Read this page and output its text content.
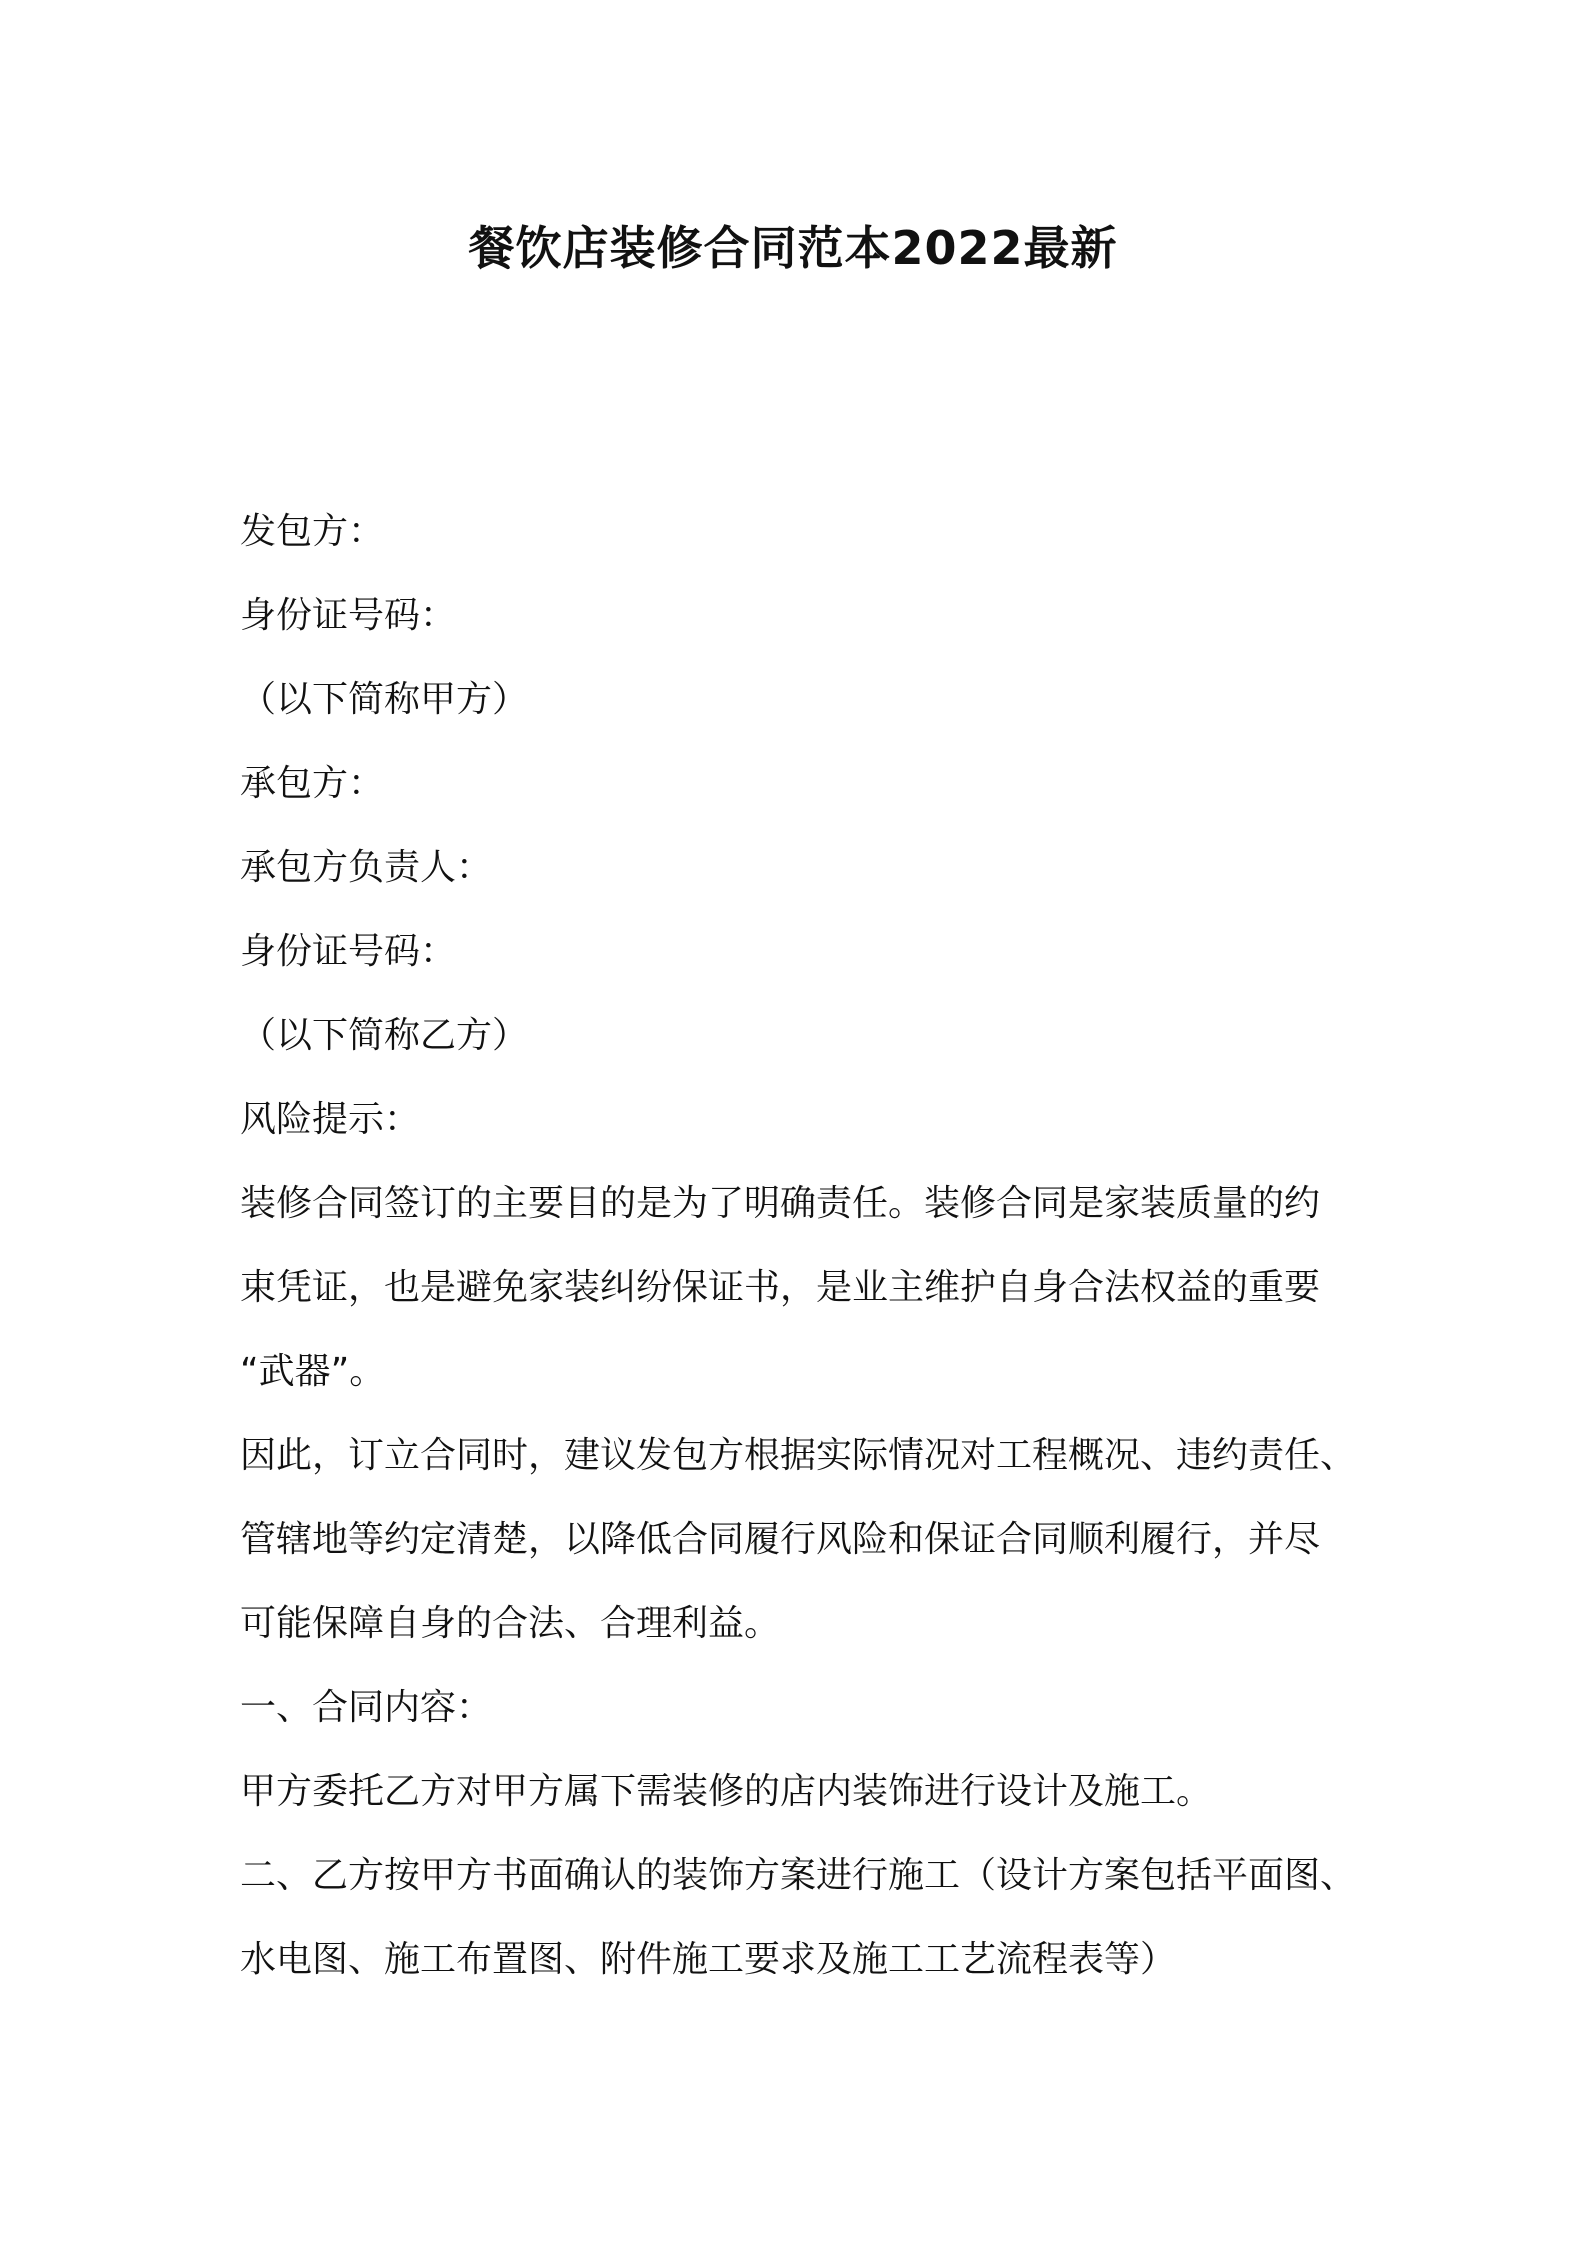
餐饮店装修合同范本2022最新

发包方：

身份证号码：

（以下简称甲方）

承包方：

承包方负责人：

身份证号码：

（以下简称乙方）

风险提示：

装修合同签订的主要目的是为了明确责任。装修合同是家装质量的约

束凭证，也是避免家装纠纷保证书，是业主维护自身合法权益的重要

“武器”。

因此，订立合同时，建议发包方根据实际情况对工程概况、违约责任、

管辖地等约定清楚，以降低合同履行风险和保证合同顺利履行，并尽

可能保障自身的合法、合理利益。

一、合同内容：

甲方委托乙方对甲方属下需装修的店内装饰进行设计及施工。

二、乙方按甲方书面确认的装饰方案进行施工（设计方案包括平面图、

水电图、施工布置图、附件施工要求及施工工艺流程表等）
